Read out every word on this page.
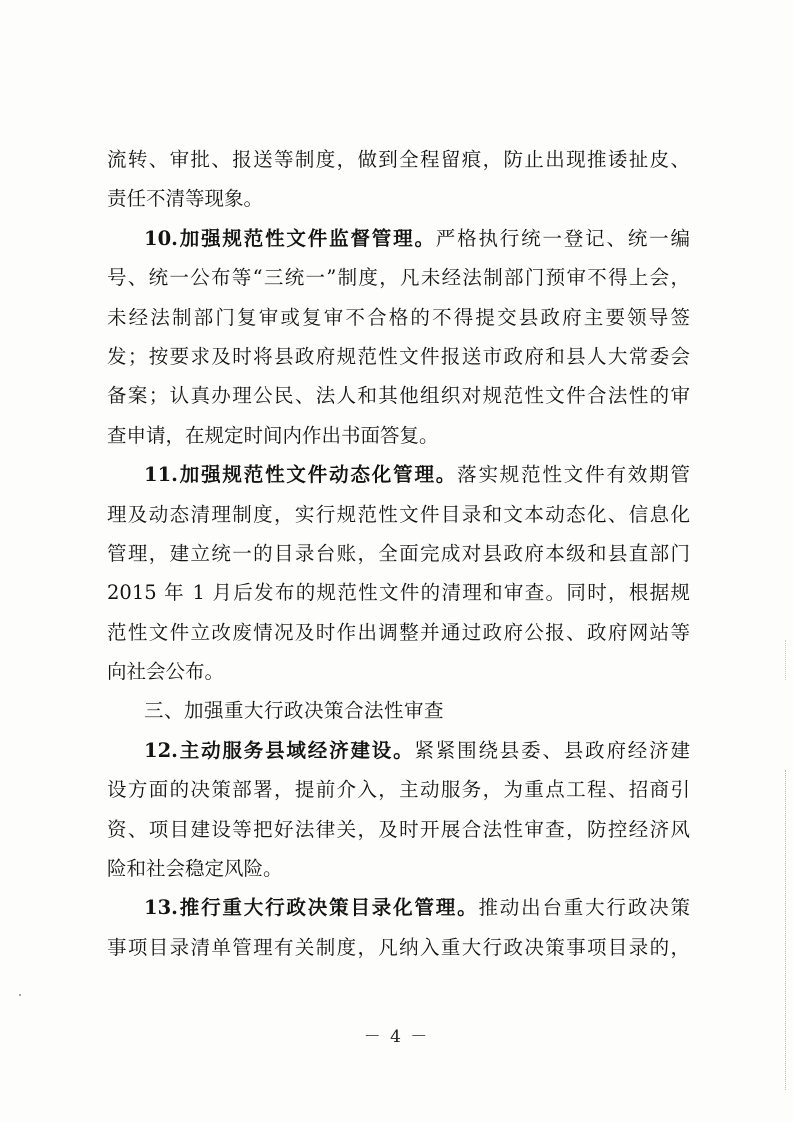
流转、审批、报送等制度，做到全程留痕，防止出现推诿扯皮、
责任不清等现象。
10.加强规范性文件监督管理。严格执行统一登记、统一编
号、统一公布等“三统一”制度，凡未经法制部门预审不得上会，
未经法制部门复审或复审不合格的不得提交县政府主要领导签
发；按要求及时将县政府规范性文件报送市政府和县人大常委会
备案；认真办理公民、法人和其他组织对规范性文件合法性的审
查申请，在规定时间内作出书面答复。
11.加强规范性文件动态化管理。落实规范性文件有效期管
理及动态清理制度，实行规范性文件目录和文本动态化、信息化
管理，建立统一的目录台账，全面完成对县政府本级和县直部门
2015 年 1 月后发布的规范性文件的清理和审查。同时，根据规
范性文件立改废情况及时作出调整并通过政府公报、政府网站等
向社会公布。
三、加强重大行政决策合法性审查
12.主动服务县域经济建设。紧紧围绕县委、县政府经济建
设方面的决策部署，提前介入，主动服务，为重点工程、招商引
资、项目建设等把好法律关，及时开展合法性审查，防控经济风
险和社会稳定风险。
13.推行重大行政决策目录化管理。推动出台重大行政决策
事项目录清单管理有关制度，凡纳入重大行政决策事项目录的，
－ 4 －
